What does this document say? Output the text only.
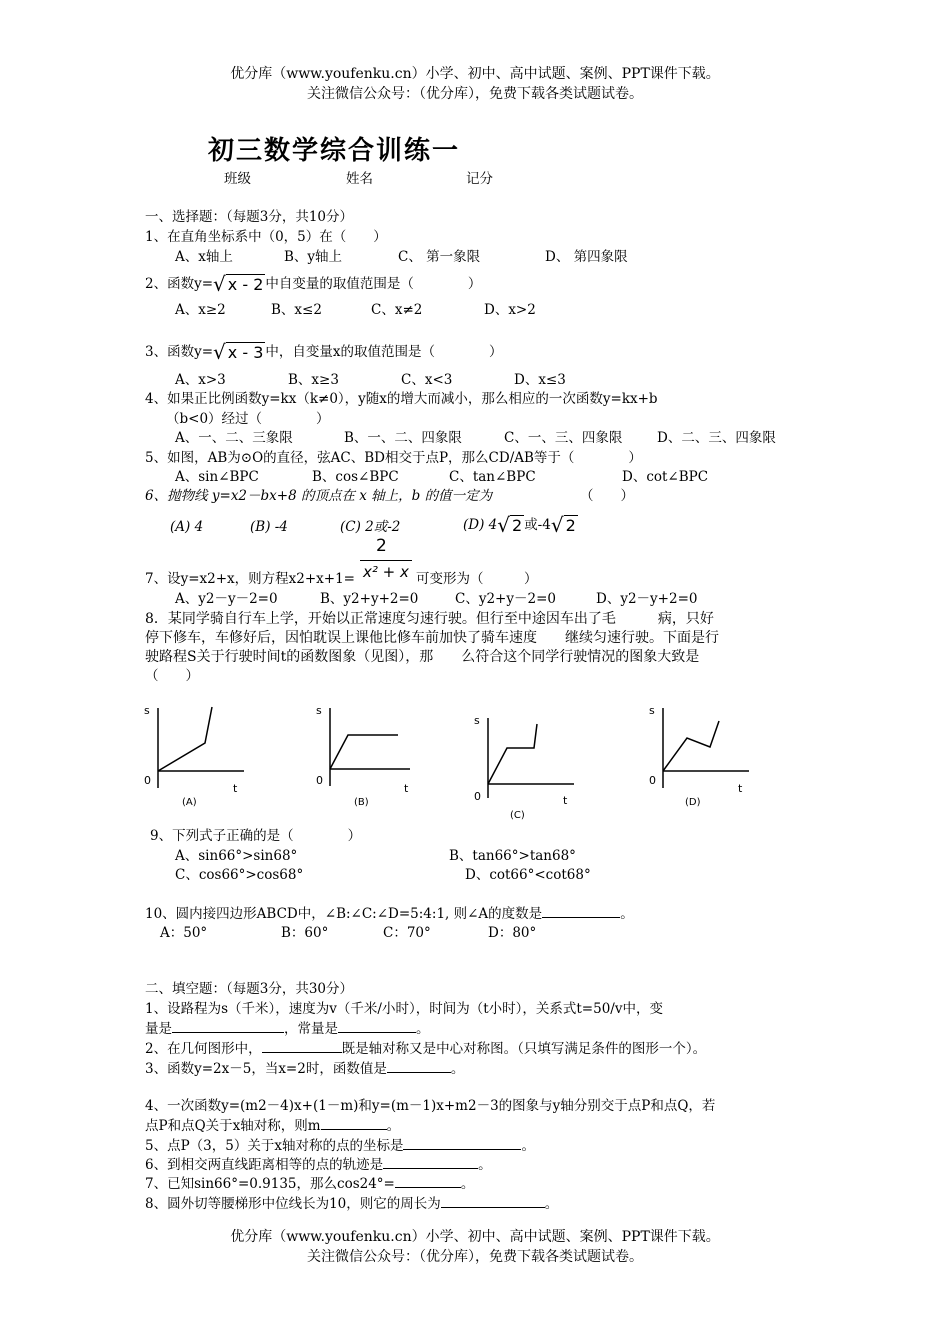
优分库（www.youfenku.cn）小学、初中、高中试题、案例、PPT课件下载。
关注微信公众号：（优分库），免费下载各类试题试卷。
初三数学综合训练一
班级	姓名	记分
一、选择题：（每题3分，共10分）
1、在直角坐标系中（0，5）在（　　）
A、x轴上	B、y轴上	C、 第一象限	D、 第四象限
2、函数y=√ x - 2 中自变量的取值范围是（　　　　）
A、x≥2	B、x≤2	C、x≠2	D、x>2
3、函数y=√ x - 3 中，自变量x的取值范围是（　　　　）
A、x>3	B、x≥3	C、x<3	D、x≤3
4、如果正比例函数y=kx（k≠0），y随x的增大而减小，那么相应的一次函数y=kx+b
（b<0）经过（　　　　）
A、一、二、三象限	B、一、二、四象限	C、一、三、四象限	D、二、三、四象限
5、如图，AB为⊙O的直径，弦AC、BD相交于点P，那么CD/AB等于（　　　　）
A、sin∠BPC	B、cos∠BPC	C、tan∠BPC	D、cot∠BPC
6、抛物线 y=x2－bx+8 的顶点在 x 轴上，b 的值一定为	（　　）
(A) 4	(B) -4	(C) 2或-2	(D) 4√ 2 或-4√ 2
7、设y=x2+x，则方程x2+x+1=
2
x² + x 可变形为（　　　）
A、y2－y－2=0	B、y2+y+2=0	C、y2+y－2=0	D、y2－y+2=0
8．某同学骑自行车上学，开始以正常速度匀速行驶。但行至中途因车出了毛　　　病，只好
停下修车，车修好后，因怕耽误上课他比修车前加快了骑车速度　　继续匀速行驶。下面是行
驶路程S关于行驶时间t的函数图象（见图），那　　么符合这个同学行驶情况的图象大致是
（　　）
s
0
t
(A)
s
0
t
(B)
s
0	t
(C)
s
0
t
(D)
9、下列式子正确的是（　　　　）
A、sin66°>sin68°	B、tan66°>tan68°
C、cos66°>cos68°	D、cot66°<cot68°
10、圆内接四边形ABCD中，∠B:∠C:∠D=5:4:1, 则∠A的度数是	。
A：50°	B：60°	C：70°	D：80°
二、填空题：（每题3分，共30分）
1、设路程为s（千米），速度为v（千米/小时），时间为（t小时），关系式t=50/v中，变
量是	，常量是	。
2、在几何图形中，	既是轴对称又是中心对称图。（只填写满足条件的图形一个）。
3、函数y=2x－5，当x=2时，函数值是	。
4、一次函数y=(m2－4)x+(1－m)和y=(m－1)x+m2－3的图象与y轴分别交于点P和点Q，若
点P和点Q关于x轴对称，则m	。
5、点P（3，5）关于x轴对称的点的坐标是	。
6、到相交两直线距离相等的点的轨迹是	。
7、已知sin66°=0.9135，那么cos24°=	。
8、圆外切等腰梯形中位线长为10，则它的周长为	。
优分库（www.youfenku.cn）小学、初中、高中试题、案例、PPT课件下载。
关注微信公众号：（优分库），免费下载各类试题试卷。
